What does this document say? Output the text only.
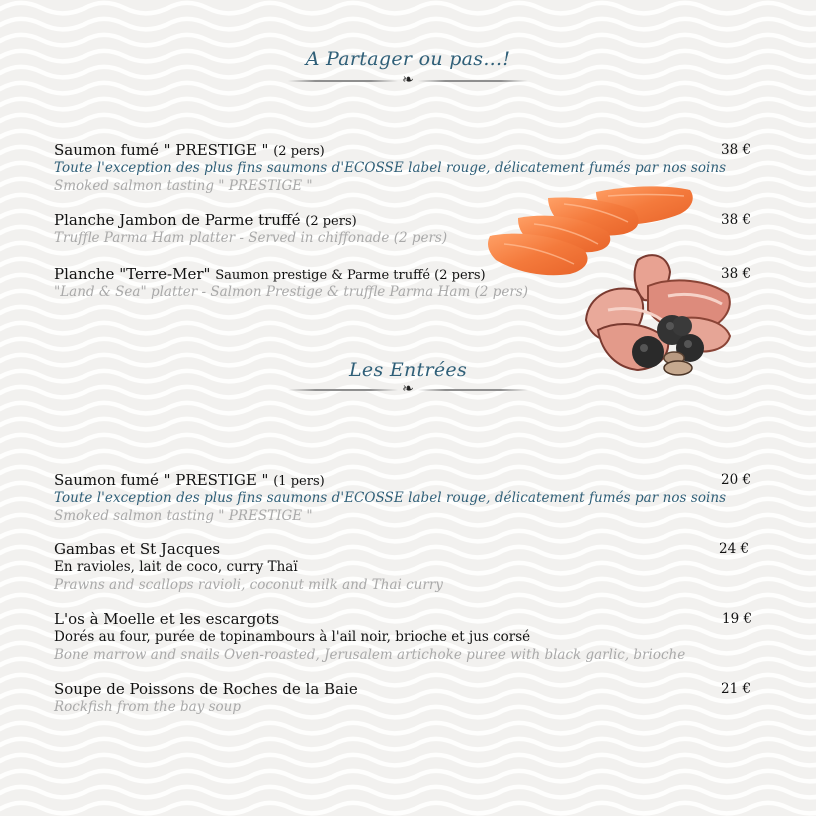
A Partager ou pas...!
❧
Saumon fumé " PRESTIGE " (2 pers)	38 €
Toute l'exception des plus fins saumons d'ECOSSE label rouge, délicatement fumés par nos soins
Smoked salmon tasting " PRESTIGE "
Planche Jambon de Parme truffé (2 pers)	38 €
Truffle Parma Ham platter - Served in chiffonade (2 pers)
Planche "Terre-Mer" Saumon prestige & Parme truffé (2 pers)	38 €
"Land & Sea" platter - Salmon Prestige & truffle Parma Ham (2 pers)
Les Entrées
❧
Saumon fumé " PRESTIGE " (1 pers)	20 €
Toute l'exception des plus fins saumons d'ECOSSE label rouge, délicatement fumés par nos soins
Smoked salmon tasting " PRESTIGE "
Gambas et St Jacques	24 €
En ravioles, lait de coco, curry Thaï
Prawns and scallops ravioli, coconut milk and Thai curry
L'os à Moelle et les escargots	19 €
Dorés au four, purée de topinambours à l'ail noir, brioche et jus corsé
Bone marrow and snails Oven-roasted, Jerusalem artichoke puree with black garlic, brioche
Soupe de Poissons de Roches de la Baie	21 €
Rockfish from the bay soup
